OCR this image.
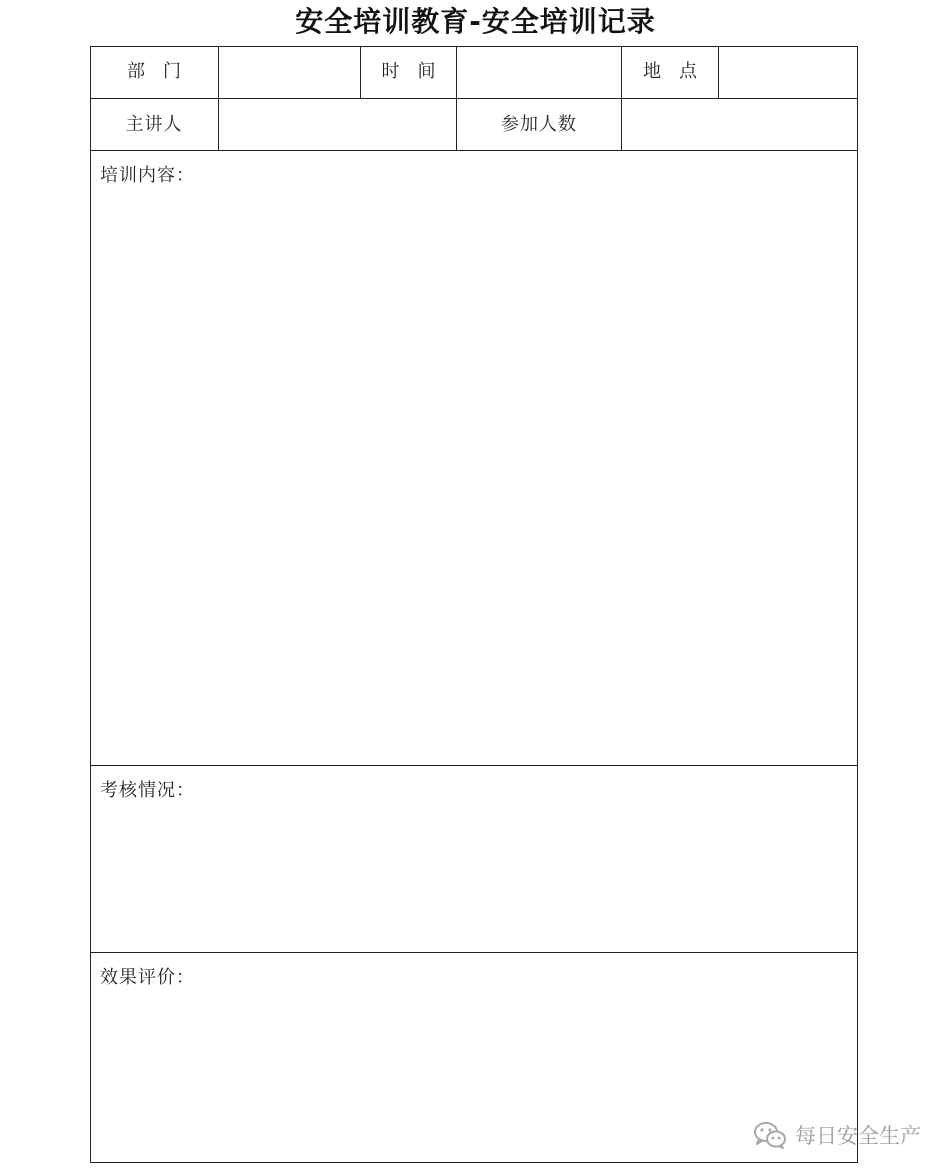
安全培训教育-安全培训记录
部门	时间	地点
主讲人	参加人数
培训内容：
考核情况：
效果评价：
每日安全生产
